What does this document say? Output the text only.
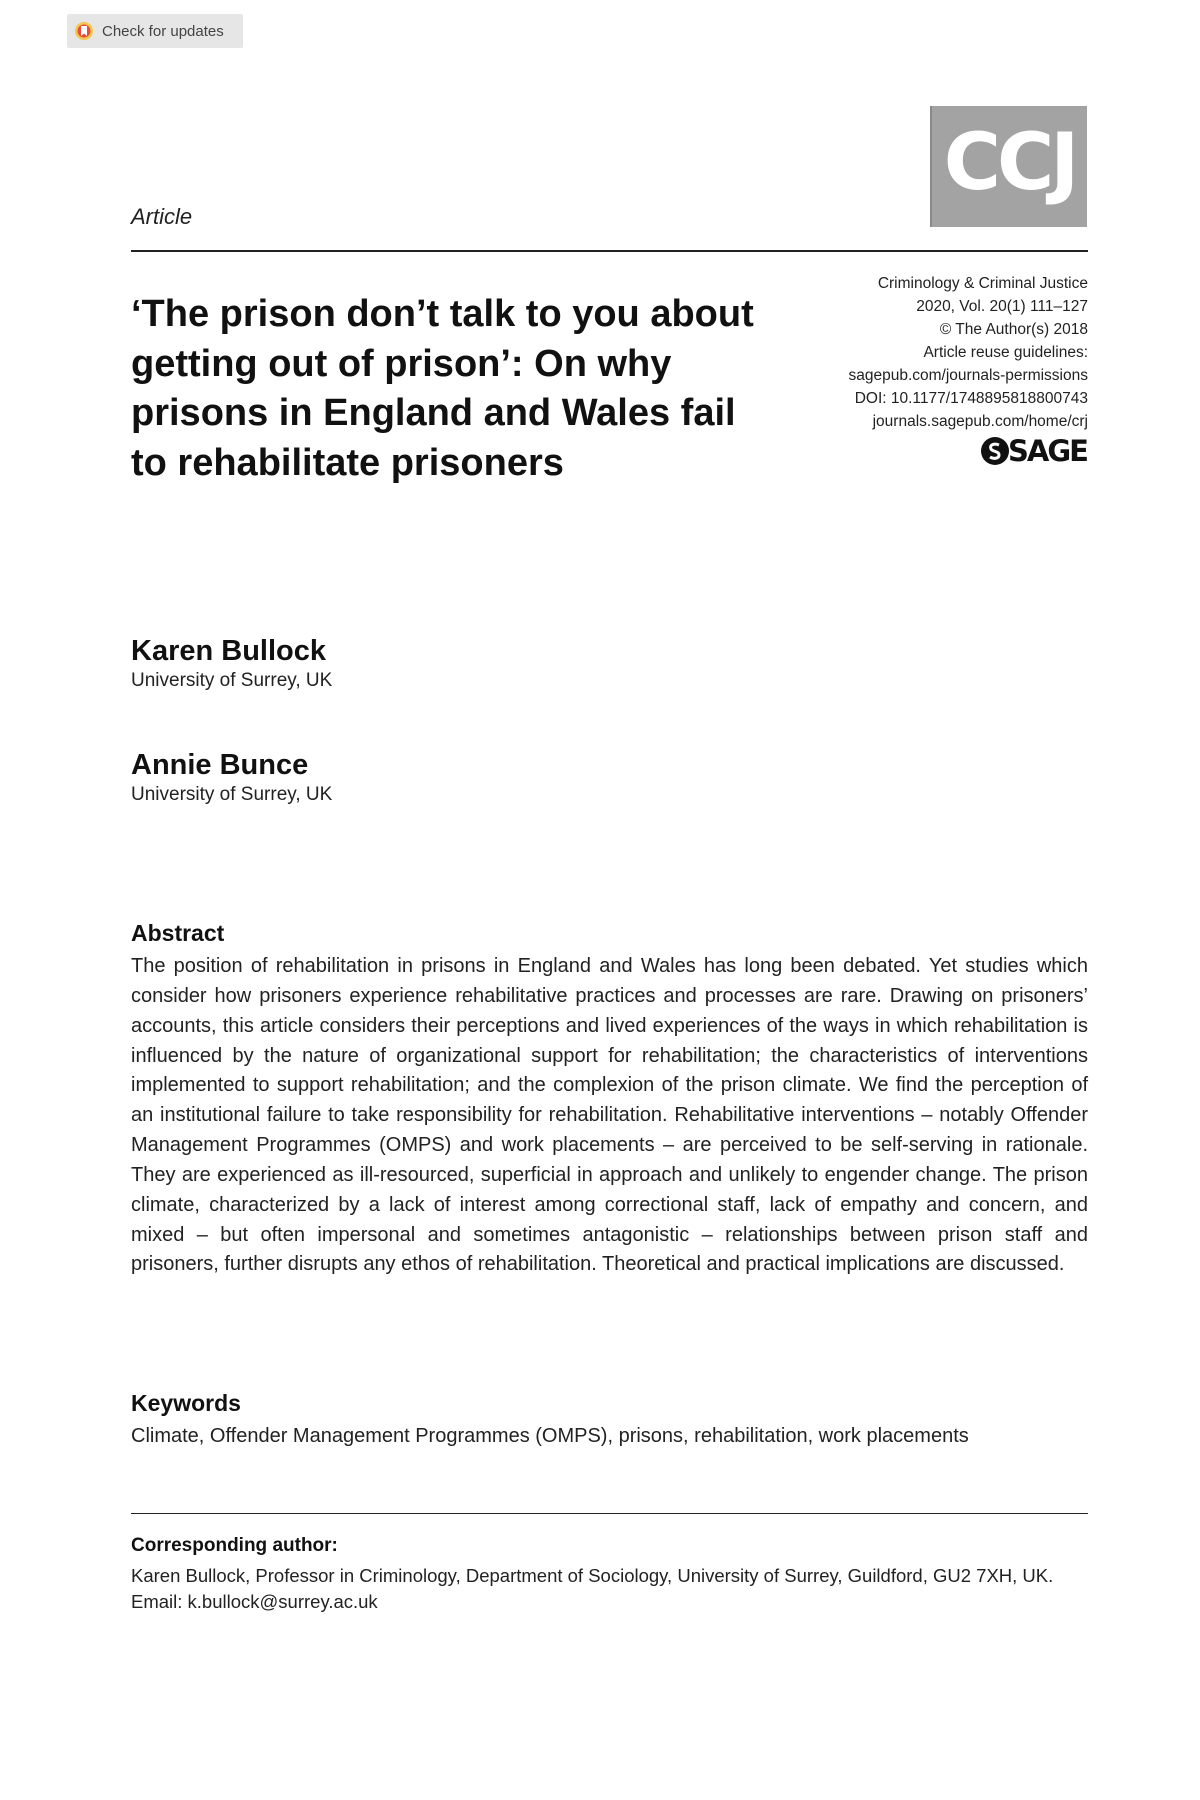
Check for updates
CCJ
Article
Criminology & Criminal Justice
2020, Vol. 20(1) 111–127
© The Author(s) 2018
Article reuse guidelines:
sagepub.com/journals-permissions
DOI: 10.1177/1748895818800743
journals.sagepub.com/home/crj
SAGE
‘The prison don’t talk to you about getting out of prison’: On why prisons in England and Wales fail to rehabilitate prisoners
Karen Bullock
University of Surrey, UK
Annie Bunce
University of Surrey, UK
Abstract

The position of rehabilitation in prisons in England and Wales has long been debated. Yet studies which consider how prisoners experience rehabilitative practices and processes are rare. Drawing on prisoners’ accounts, this article considers their perceptions and lived experiences of the ways in which rehabilitation is influenced by the nature of organizational support for rehabilitation; the characteristics of interventions implemented to support rehabilitation; and the complexion of the prison climate. We find the perception of an institutional failure to take responsibility for rehabilitation. Rehabilitative interventions – notably Offender Management Programmes (OMPS) and work placements – are perceived to be self-serving in rationale. They are experienced as ill-resourced, superficial in approach and unlikely to engender change. The prison climate, characterized by a lack of interest among correctional staff, lack of empathy and concern, and mixed – but often impersonal and sometimes antagonistic – relationships between prison staff and prisoners, further disrupts any ethos of rehabilitation. Theoretical and practical implications are discussed.

Keywords
Climate, Offender Management Programmes (OMPS), prisons, rehabilitation, work placements
Corresponding author:
Karen Bullock, Professor in Criminology, Department of Sociology, University of Surrey, Guildford, GU2 7XH, UK.
Email: k.bullock@surrey.ac.uk
